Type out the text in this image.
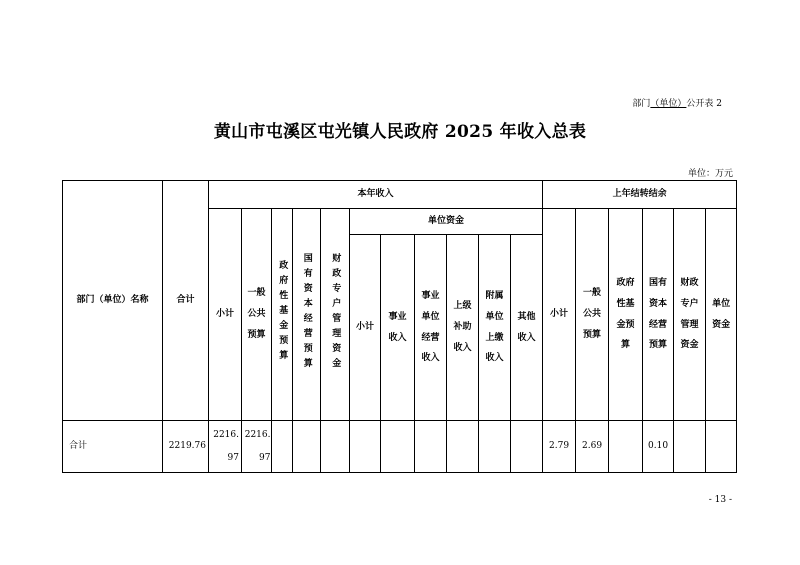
部门（单位）公开表 2
黄山市屯溪区屯光镇人民政府 2025 年收入总表
单位：万元
部门（单位）名称	合计	本年收入											上年结转结余					
		小计	一般公共预算	政府性基金预算	国有资本经营预算	财政专户管理资金	单位资金						小计	一般公共预算	政府性基金预算	国有资本经营预算	财政专户管理资金	单位资金
							小计	事业收入	事业单位经营收入	上级补助收入	附属单位上缴收入	其他收入						
合计	2219.76	2216.97	2216.97										2.79	2.69		0.10		
- 13 -
